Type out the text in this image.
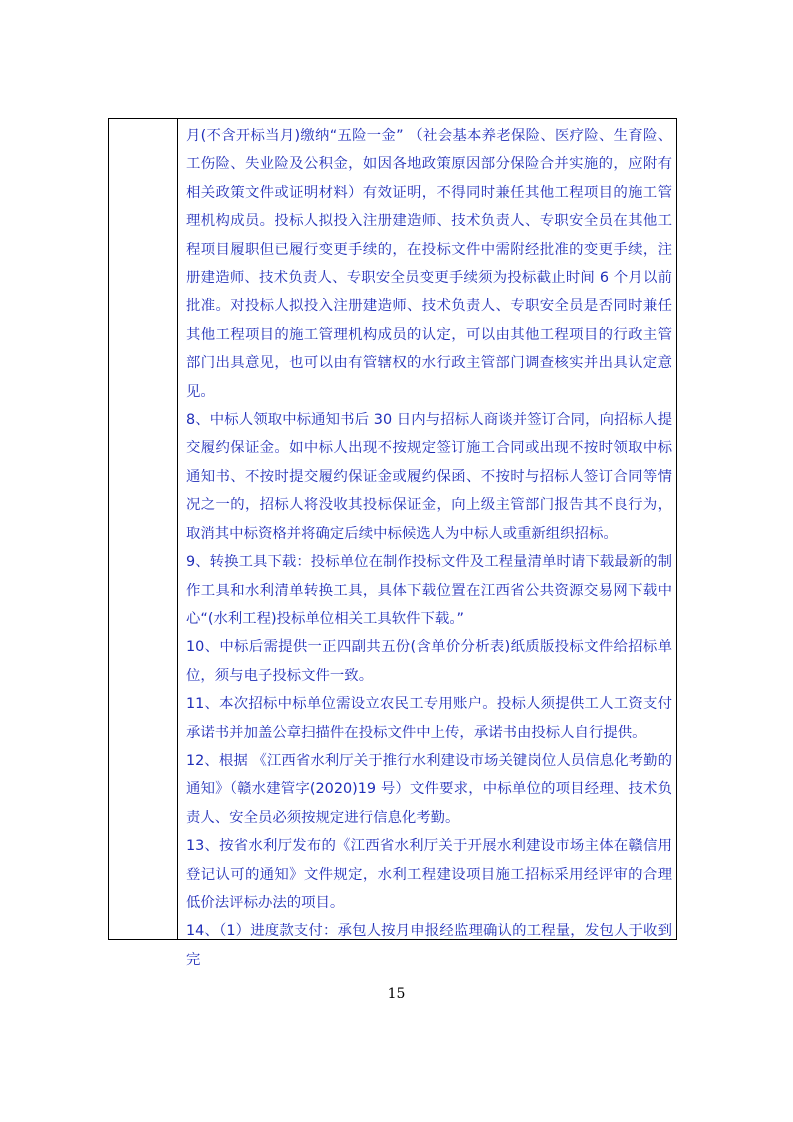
月(不含开标当月)缴纳“五险一金” （社会基本养老保险、医疗险、生育险、工伤险、失业险及公积金，如因各地政策原因部分保险合并实施的，应附有相关政策文件或证明材料）有效证明，不得同时兼任其他工程项目的施工管理机构成员。投标人拟投入注册建造师、技术负责人、专职安全员在其他工程项目履职但已履行变更手续的，在投标文件中需附经批准的变更手续，注册建造师、技术负责人、专职安全员变更手续须为投标截止时间 6 个月以前批准。对投标人拟投入注册建造师、技术负责人、专职安全员是否同时兼任其他工程项目的施工管理机构成员的认定，可以由其他工程项目的行政主管部门出具意见，也可以由有管辖权的水行政主管部门调查核实并出具认定意见。

8、中标人领取中标通知书后 30 日内与招标人商谈并签订合同，向招标人提交履约保证金。如中标人出现不按规定签订施工合同或出现不按时领取中标通知书、不按时提交履约保证金或履约保函、不按时与招标人签订合同等情况之一的，招标人将没收其投标保证金，向上级主管部门报告其不良行为，取消其中标资格并将确定后续中标候选人为中标人或重新组织招标。

9、转换工具下载：投标单位在制作投标文件及工程量清单时请下载最新的制作工具和水利清单转换工具，具体下载位置在江西省公共资源交易网下载中心“(水利工程)投标单位相关工具软件下载。”

10、中标后需提供一正四副共五份(含单价分析表)纸质版投标文件给招标单位，须与电子投标文件一致。

11、本次招标中标单位需设立农民工专用账户。投标人须提供工人工资支付承诺书并加盖公章扫描件在投标文件中上传，承诺书由投标人自行提供。

12、根据 《江西省水利厅关于推行水利建设市场关键岗位人员信息化考勤的通知》（赣水建管字(2020)19 号）文件要求，中标单位的项目经理、技术负责人、安全员必须按规定进行信息化考勤。

13、按省水利厅发布的《江西省水利厅关于开展水利建设市场主体在赣信用登记认可的通知》文件规定，水利工程建设项目施工招标采用经评审的合理低价法评标办法的项目。

14、（1）进度款支付：承包人按月申报经监理确认的工程量，发包人于收到完

15
